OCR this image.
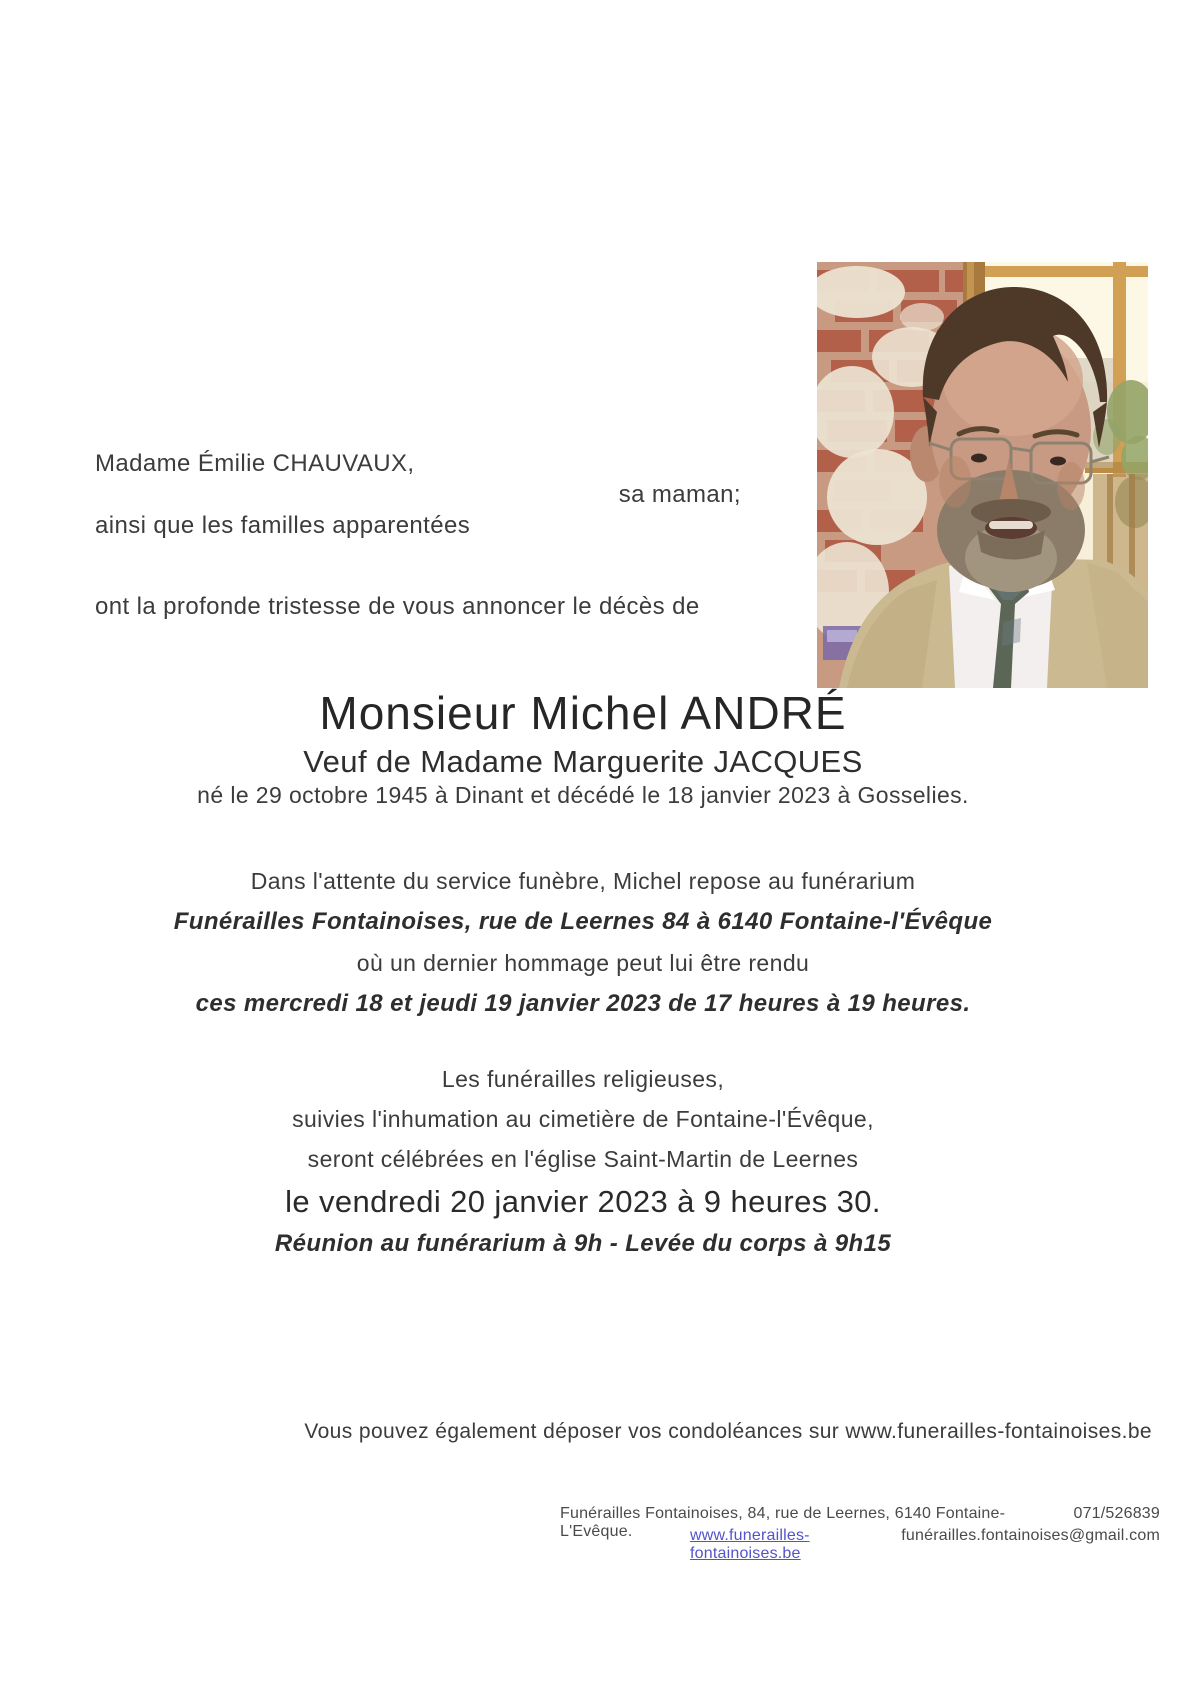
Madame Émilie CHAUVAUX,
sa maman;
ainsi que les familles apparentées
ont la profonde tristesse de vous annoncer le décès de
Monsieur Michel ANDRÉ
Veuf de Madame Marguerite JACQUES
né le 29 octobre 1945 à Dinant et décédé le 18 janvier 2023 à Gosselies.
Dans l'attente du service funèbre, Michel repose au funérarium
Funérailles Fontainoises, rue de Leernes 84 à 6140 Fontaine-l'Évêque
où un dernier hommage peut lui être rendu
ces mercredi 18 et jeudi 19 janvier 2023 de 17 heures à 19 heures.
Les funérailles religieuses,
suivies l'inhumation au cimetière de Fontaine-l'Évêque,
seront célébrées en l'église Saint-Martin de Leernes
le vendredi 20 janvier 2023 à 9 heures 30.
Réunion au funérarium à 9h - Levée du corps à 9h15
Vous pouvez également déposer vos condoléances sur www.funerailles-fontainoises.be
Funérailles Fontainoises, 84, rue de Leernes, 6140 Fontaine-L'Evêque.
071/526839
www.funerailles-fontainoises.be
funérailles.fontainoises@gmail.com
